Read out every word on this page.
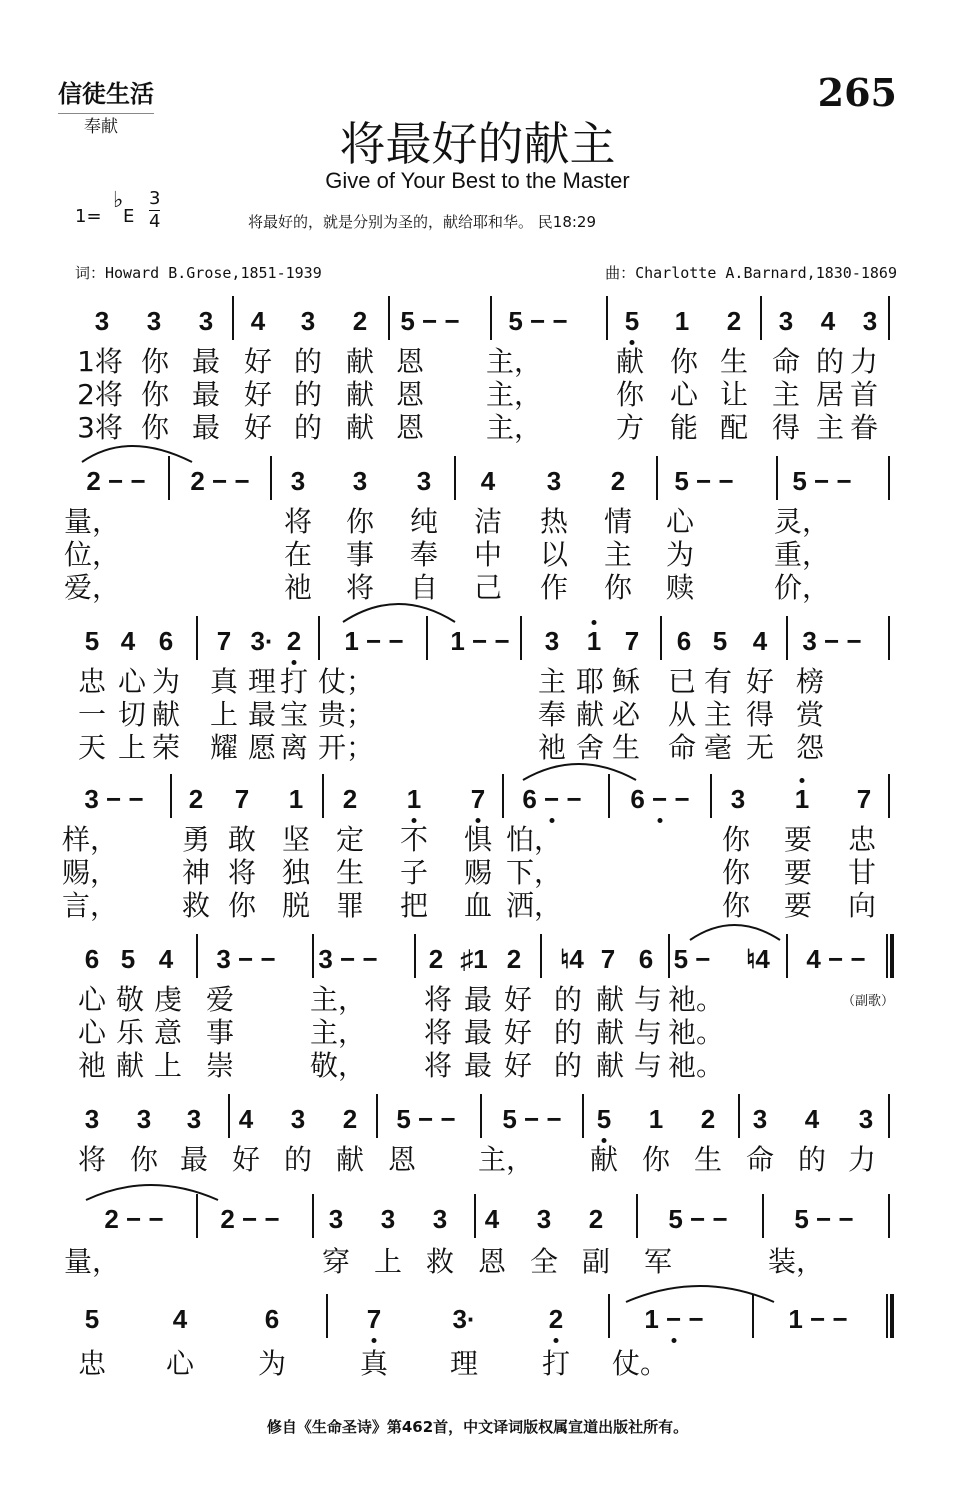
信徒生活
奉献
265
将最好的献主
Give of Your Best to the Master
1=
♭
E
3
4	将最好的，就是分别为圣的，献给耶和华。 民18:29
词：Howard B.Grose,1851-1939	曲：Charlotte A.Barnard,1830-1869
3 3 3 4 3 2 5 − − 5 − − 5 1 2 3 4 3
1将 你 最 好 的 献 恩 主，	献 你 生 命 的 力
2将 你 最 好 的 献 恩 主，	你 心 让 主 居 首
3将 你 最 好 的 献 恩 主，	方 能 配 得 主 眷
2 − − 2 − − 3 3 3 4 3 2 5 − − 5 − −
量，	将 你 纯 洁 热 情 心	灵，
位，	在 事 奉 中 以 主 为	重，
爱，	祂 将 自 己 作 你 赎	价，
5 4 6 7 3· 2 1 − − 1 − − 3 1 7 6 5 4 3 − −
忠 心 为 真 理 打 仗；	主 耶 稣 已 有 好 榜
一 切 献 上 最 宝 贵；	奉 献 必 从 主 得 赏
天 上 荣 耀 愿 离 开；	祂 舍 生 命 毫 无 怨
3 − − 2 7 1 2 1 7 6 − − 6 − − 3 1 7
样， 勇 敢 坚 定 不 惧 怕，	你 要 忠
赐， 神 将 独 生 子 赐 下，	你 要 甘
言， 救 你 脱 罪 把 血 洒，	你 要 向
6 5 4 3 − − 3 − − 2 ♯1 2 ♮4 7 6 5 − ♮4 4 − −
心 敬 虔 爱	主， 将 最 好 的 献 与 祂。
心 乐 意 事	主， 将 最 好 的 献 与 祂。
祂 献 上 崇	敬， 将 最 好 的 献 与 祂。
（副歌）
3 3 3 4 3 2 5 − − 5 − − 5 1 2 3 4 3
将 你 最 好 的 献 恩 主， 献 你 生 命 的 力
2 − − 2 − − 3 3 3 4 3 2	5 − −	5 − −
量，	穿 上 救 恩 全 副 军	装，
5	4	6	7	3·	2	1 − −	1 − −
忠 心 为	真 理 打 仗。
修自《生命圣诗》第462首，中文译词版权属宣道出版社所有。
